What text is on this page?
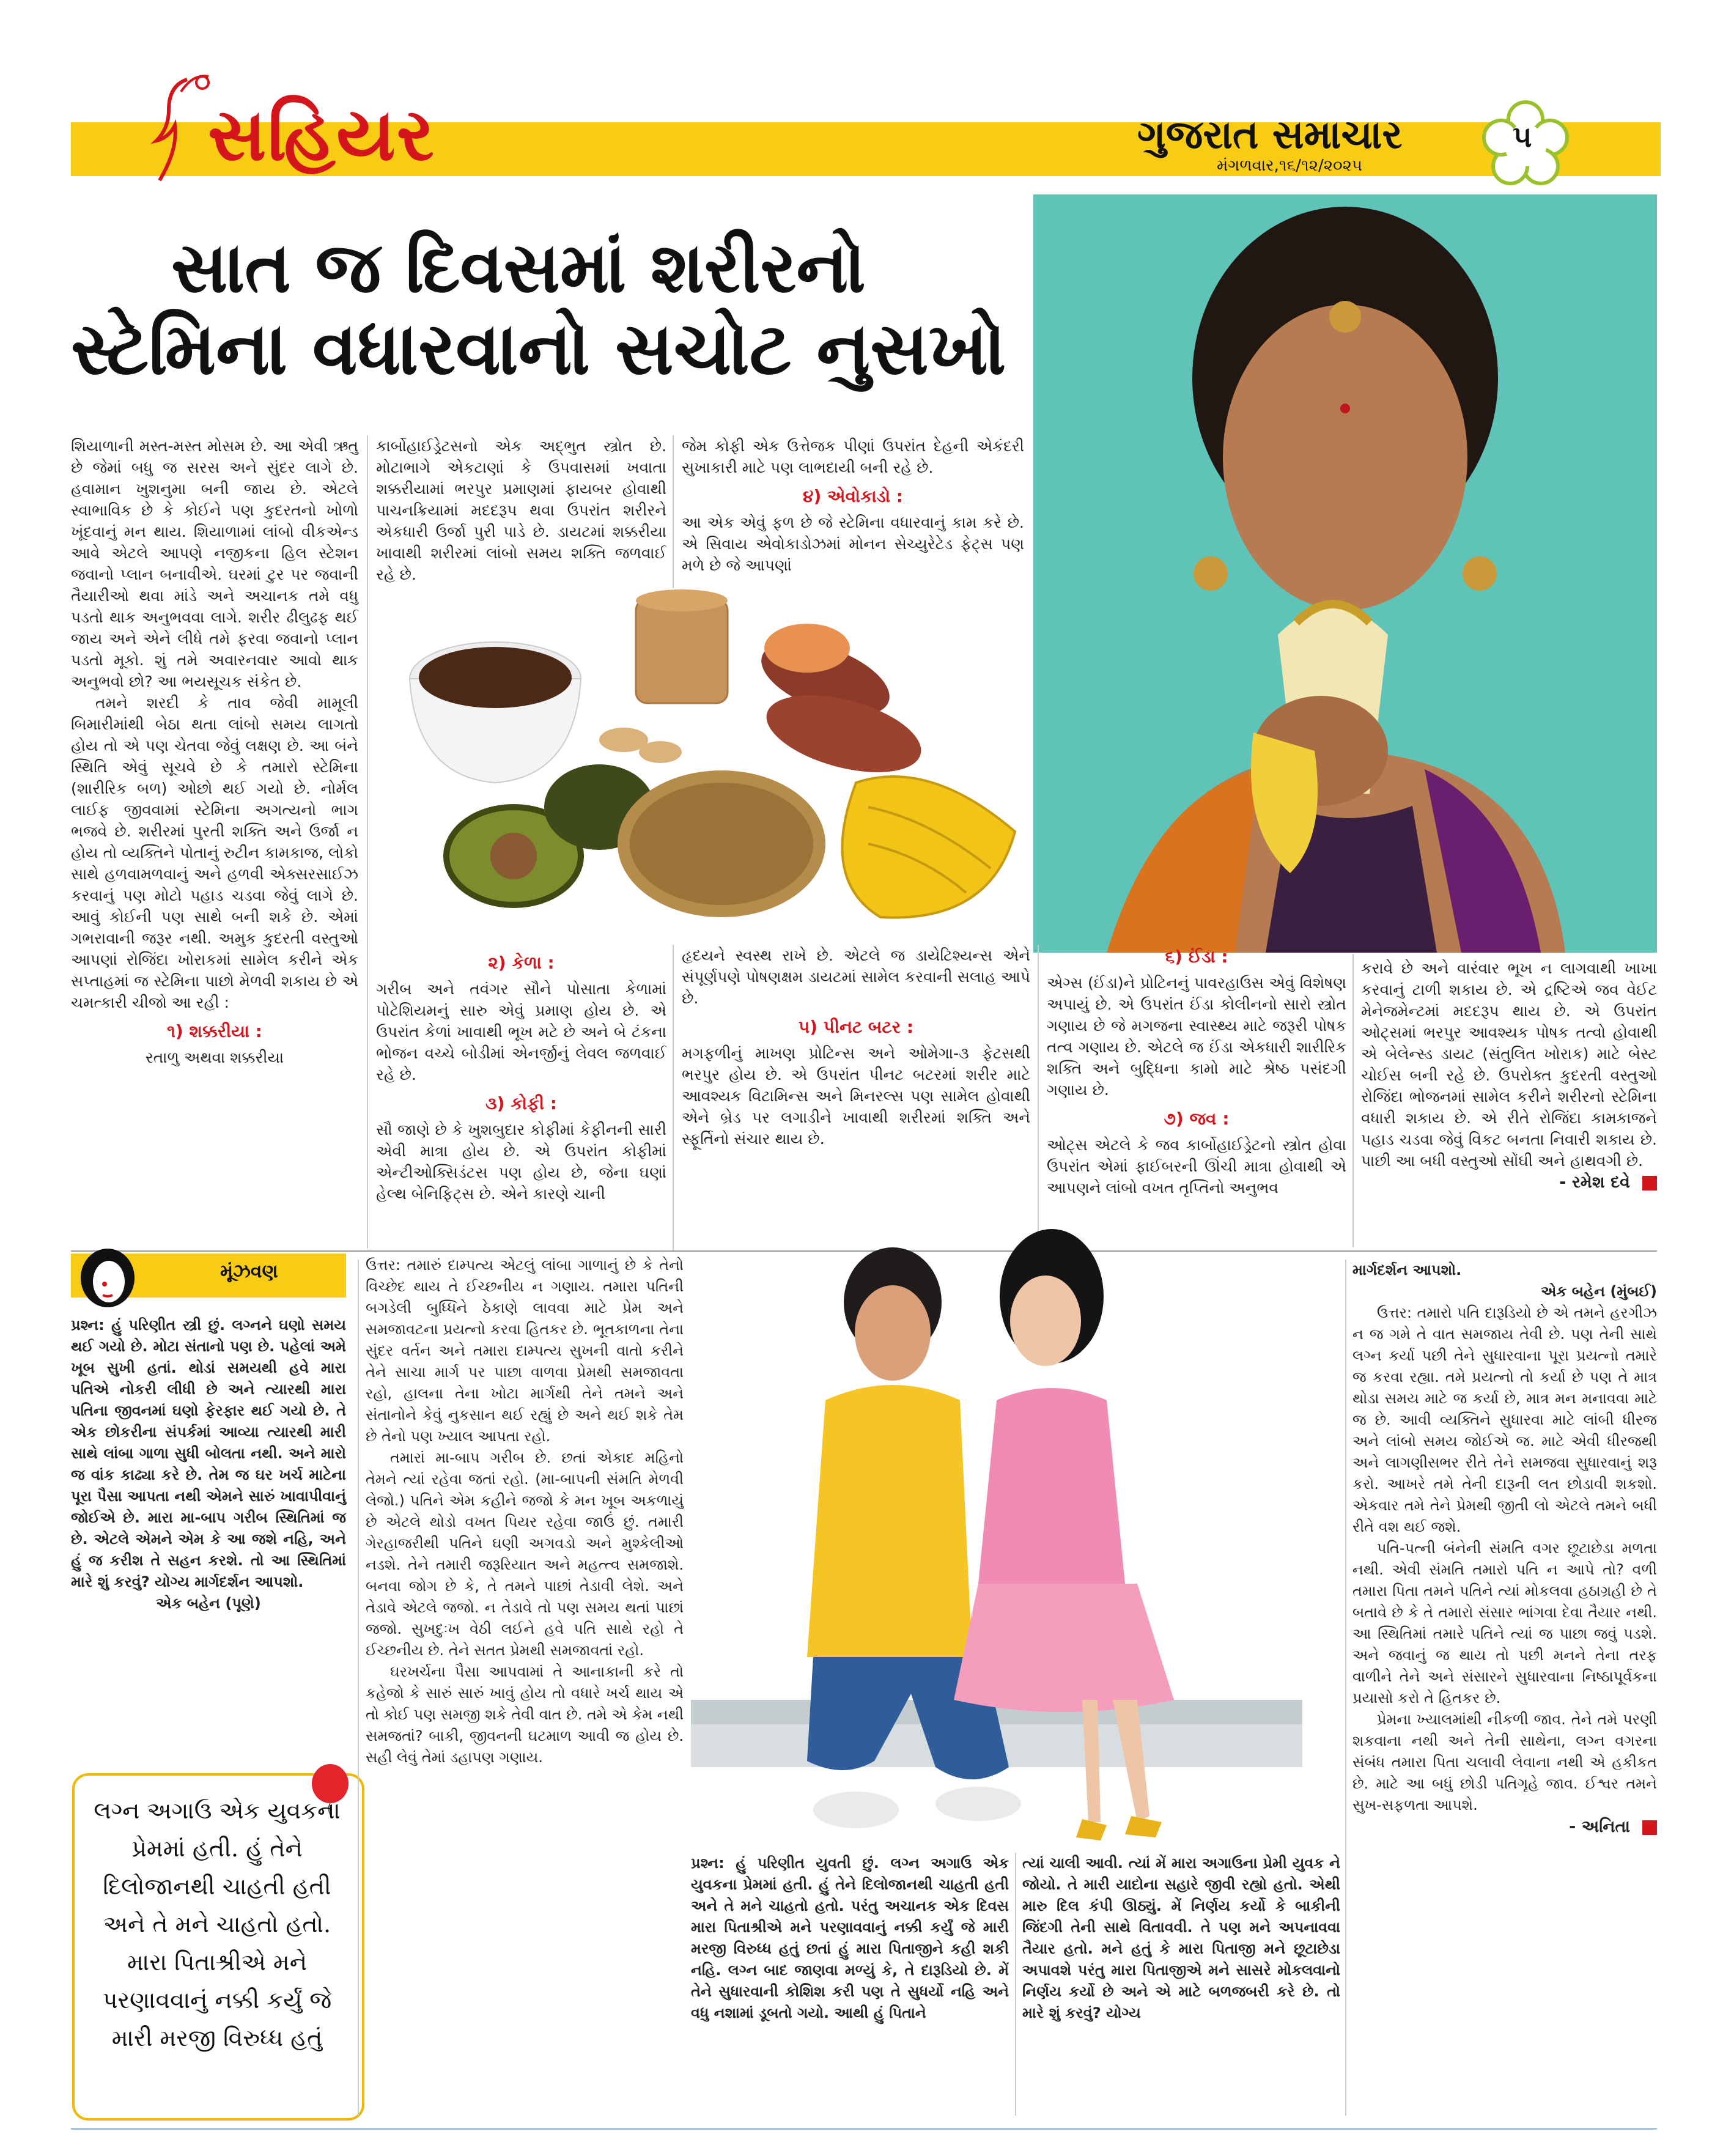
સહિયર	ગુજરાત સમાચાર
મંગળવાર,૧૬/૧૨/૨૦૨૫
૫
સાત જ દિવસમાં શરીરનો
સ્ટેમિના વધારવાનો સચોટ નુસખો

શિયાળાની મસ્ત-મસ્ત મોસમ છે. આ એવી ઋતુ છે જેમાં બધુ જ સરસ અને સુંદર લાગે છે. હવામાન ખુશનુમા બની જાય છે. એટલે સ્વાભાવિક છે કે કોઈને પણ કુદરતનો ખોળો ખૂંદવાનું મન થાય. શિયાળામાં લાંબો વીકએન્ડ આવે એટલે આપણે નજીકના હિલ સ્ટેશન જવાનો પ્લાન બનાવીએ. ઘરમાં ટુર પર જવાની તૈયારીઓ થવા માંડે અને અચાનક તમે વધુ પડતો થાક અનુભવવા લાગે. શરીર ઢીલુઢફ થઈ જાય અને એને લીધે તમે ફરવા જવાનો પ્લાન પડતો મૂકો. શું તમે અવારનવાર આવો થાક અનુભવો છો? આ ભયસૂચક સંકેત છે.

તમને શરદી કે તાવ જેવી મામૂલી બિમારીમાંથી બેઠા થતા લાંબો સમય લાગતો હોય તો એ પણ ચેતવા જેવું લક્ષણ છે. આ બંને સ્થિતિ એવું સૂચવે છે કે તમારો સ્ટેમિના (શારીરિક બળ) ઓછો થઈ ગયો છે. નોર્મલ લાઈફ જીવવામાં સ્ટેમિના અગત્યનો ભાગ ભજવે છે. શરીરમાં પુરતી શક્તિ અને ઉર્જા ન હોય તો વ્યક્તિને પોતાનું રુટીન કામકાજ, લોકો સાથે હળવામળવાનું અને હળવી એક્સરસાઈઝ કરવાનું પણ મોટો પહાડ ચડવા જેવું લાગે છે. આવું કોઈની પણ સાથે બની શકે છે. એમાં ગભરાવાની જરૂર નથી. અમુક કુદરતી વસ્તુઓ આપણાં રોજિંદા ખોરાકમાં સામેલ કરીને એક સપ્તાહમાં જ સ્ટેમિના પાછો મેળવી શકાય છે એ ચમત્કારી ચીજો આ રહી :

૧) શક્કરીયા :

રતાળુ અથવા શક્કરીયા

કાર્બોહાઈડ્રેટસનો એક અદ્ભુત સ્ત્રોત છે. મોટાભાગે એકટાણાં કે ઉપવાસમાં ખવાતા શક્કરીયામાં ભરપુર પ્રમાણમાં ફાયબર હોવાથી પાચનક્રિયામાં મદદરૂપ થવા ઉપરાંત શરીરને એકધારી ઉર્જા પુરી પાડે છે. ડાયટમાં શક્કરીયા ખાવાથી શરીરમાં લાંબો સમય શક્તિ જળવાઈ રહે છે.

૨) કેળા :

ગરીબ અને તવંગર સૌને પોસાતા કેળામાં પોટેશિયમનું સારુ એવું પ્રમાણ હોય છે. એ ઉપરાંત કેળાં ખાવાથી ભૂખ મટે છે અને બે ટંકના ભોજન વચ્ચે બોડીમાં એનર્જીનું લેવલ જળવાઈ રહે છે.

૩) કોફી :

સૌ જાણે છે કે ખુશબુદાર કોફીમાં કેફીનની સારી એવી માત્રા હોય છે. એ ઉપરાંત કોફીમાં એન્ટીઓક્સિડંટસ પણ હોય છે, જેના ઘણાં હેલ્થ બેનિફિટ્સ છે. એને કારણે ચાની

જેમ કોફી એક ઉત્તેજક પીણાં ઉપરાંત દેહની એકંદરી સુખાકારી માટે પણ લાભદાયી બની રહે છે.

૪) એવોકાડો :

આ એક એવું ફળ છે જે સ્ટેમિના વધારવાનું કામ કરે છે. એ સિવાય એવોકાડોઝમાં મોનન સેચ્યુરેટેડ ફેટ્સ પણ મળે છે જે આપણાં

હૃદયને સ્વસ્થ રાખે છે. એટલે જ ડાયેટિશ્યન્સ એને સંપૂર્ણપણે પોષણક્ષમ ડાયટમાં સામેલ કરવાની સલાહ આપે છે.

૫) પીનટ બટર :

મગફળીનું માખણ પ્રોટિન્સ અને ઓમેગા-૩ ફેટસથી ભરપુર હોય છે. એ ઉપરાંત પીનટ બટરમાં શરીર માટે આવશ્યક વિટામિન્સ અને મિનરલ્સ પણ સામેલ હોવાથી એને બ્રેડ પર લગાડીને ખાવાથી શરીરમાં શક્તિ અને સ્ફૂર્તિનો સંચાર થાય છે.

૬) ઈંડા :

એગ્સ (ઈંડા)ને પ્રોટિનનું પાવરહાઉસ એવું વિશેષણ અપાયું છે. એ ઉપરાંત ઈંડા કોલીનનો સારો સ્ત્રોત ગણાય છે જે મગજના સ્વાસ્થ્ય માટે જરૂરી પોષક તત્વ ગણાય છે. એટલે જ ઈંડા એકધારી શારીરિક શક્તિ અને બુદ્ધિના કામો માટે શ્રેષ્ઠ પસંદગી ગણાય છે.

૭) જવ :

ઓટ્સ એટલે કે જવ કાર્બોહાઈડ્રેટનો સ્ત્રોત હોવા ઉપરાંત એમાં ફાઈબરની ઊંચી માત્રા હોવાથી એ આપણને લાંબો વખત તૃપ્તિનો અનુભવ

કરાવે છે અને વારંવાર ભૂખ ન લાગવાથી ખાખા કરવાનું ટાળી શકાય છે. એ દ્રષ્ટિએ જવ વેઈટ મેનેજમેન્ટમાં મદદરૂપ થાય છે. એ ઉપરાંત ઓટ્સમાં ભરપુર આવશ્યક પોષક તત્વો હોવાથી એ બેલેન્સ્ડ ડાયટ (સંતુલિત ખોરાક) માટે બેસ્ટ ચોઈસ બની રહે છે. ઉપરોક્ત કુદરતી વસ્તુઓ રોજિંદા ભોજનમાં સામેલ કરીને શરીરનો સ્ટેમિના વધારી શકાય છે. એ રીતે રોજિંદા કામકાજને પહાડ ચડવા જેવું વિકટ બનતા નિવારી શકાય છે. પાછી આ બધી વસ્તુઓ સોંઘી અને હાથવગી છે.

- રમેશ દવે
મૂંઝવણ

પ્રશ્ન: હું પરિણીત સ્ત્રી છું. લગ્નને ઘણો સમય થઈ ગયો છે. મોટા સંતાનો પણ છે. પહેલાં અમે ખૂબ સુખી હતાં. થોડાં સમયથી હવે મારા પતિએ નોકરી લીધી છે અને ત્યારથી મારા પતિના જીવનમાં ઘણો ફેરફાર થઈ ગયો છે. તે એક છોકરીના સંપર્કમાં આવ્યા ત્યારથી મારી સાથે લાંબા ગાળા સુધી બોલતા નથી. અને મારો જ વાંક કાઢ્યા કરે છે. તેમ જ ઘર ખર્ચ માટેના પૂરા પૈસા આપતા નથી એમને સારું ખાવાપીવાનું જોઈએ છે. મારા મા-બાપ ગરીબ સ્થિતિમાં જ છે. એટલે એમને એમ કે આ જશે નહિ, અને હું જ કરીશ તે સહન કરશે. તો આ સ્થિતિમાં મારે શું કરવું? યોગ્ય માર્ગદર્શન આપશો.

એક બહેન (પૂણે)

લગ્ન અગાઉ એક યુવકના પ્રેમમાં હતી. હું તેને દિલોજાનથી ચાહતી હતી અને તે મને ચાહતો હતો. મારા પિતાશ્રીએ મને પરણાવવાનું નક્કી કર્યું જે મારી મરજી વિરુધ્ધ હતું

ઉત્તર: તમારું દામ્પત્ય એટલું લાંબા ગાળાનું છે કે તેનો વિચ્છેદ થાય તે ઈચ્છનીય ન ગણાય. તમારા પતિની બગડેલી બુધ્ધિને ઠેકાણે લાવવા માટે પ્રેમ અને સમજાવટના પ્રયત્નો કરવા હિતકર છે. ભૂતકાળના તેના સુંદર વર્તન અને તમારા દામ્પત્ય સુખની વાતો કરીને તેને સાચા માર્ગ પર પાછા વાળવા પ્રેમથી સમજાવતા રહો, હાલના તેના ખોટા માર્ગથી તેને તમને અને સંતાનોને કેવું નુકસાન થઈ રહ્યું છે અને થઈ શકે તેમ છે તેનો પણ ખ્યાલ આપતા રહો.

તમારાં મા-બાપ ગરીબ છે. છતાં એકાદ મહિનો તેમને ત્યાં રહેવા જતાં રહો. (મા-બાપની સંમતિ મેળવી લેજો.) પતિને એમ કહીને જજો કે મન ખૂબ અકળાયું છે એટલે થોડો વખત પિયર રહેવા જાઉં છું. તમારી ગેરહાજરીથી પતિને ઘણી અગવડો અને મુશ્કેલીઓ નડશે. તેને તમારી જરૂરિયાત અને મહત્ત્વ સમજાશે. બનવા જોગ છે કે, તે તમને પાછાં તેડાવી લેશે. અને તેડાવે એટલે જજો. ન તેડાવે તો પણ સમય થતાં પાછાં જજો. સુખદુઃખ વેઠી લઈને હવે પતિ સાથે રહો તે ઈચ્છનીય છે. તેને સતત પ્રેમથી સમજાવતાં રહો.

ઘરખર્ચના પૈસા આપવામાં તે આનાકાની કરે તો કહેજો કે સારું સારું ખાવું હોય તો વધારે ખર્ચ થાય એ તો કોઈ પણ સમજી શકે તેવી વાત છે. તમે એ કેમ નથી સમજતાં? બાકી, જીવનની ઘટમાળ આવી જ હોય છે. સહી લેવું તેમાં ડહાપણ ગણાય.

પ્રશ્ન: હું પરિણીત યુવતી છું. લગ્ન અગાઉ એક યુવકના પ્રેમમાં હતી. હું તેને દિલોજાનથી ચાહતી હતી અને તે મને ચાહતો હતો. પરંતુ અચાનક એક દિવસ મારા પિતાશ્રીએ મને પરણાવવાનું નક્કી કર્યું જે મારી મરજી વિરુધ્ધ હતું છતાં હું મારા પિતાજીને કહી શકી નહિ. લગ્ન બાદ જાણવા મળ્યું કે, તે દારૂડિયો છે. મેં તેને સુધારવાની કોશિશ કરી પણ તે સુધર્યો નહિ અને વધુ નશામાં ડૂબતો ગયો. આથી હું પિતાને

ત્યાં ચાલી આવી. ત્યાં મેં મારા અગાઉના પ્રેમી યુવક ને જોયો. તે મારી યાદોના સહારે જીવી રહ્યો હતો. એથી મારુ દિલ કંપી ઊઠ્યું. મેં નિર્ણય કર્યો કે બાકીની જિંદગી તેની સાથે વિતાવવી. તે પણ મને અપનાવવા તૈયાર હતો. મને હતું કે મારા પિતાજી મને છૂટાછેડા અપાવશે પરંતુ મારા પિતાજીએ મને સાસરે મોકલવાનો નિર્ણય કર્યો છે અને એ માટે બળજબરી કરે છે. તો મારે શું કરવું? યોગ્ય

માર્ગદર્શન આપશો.

એક બહેન (મુંબઈ)

ઉત્તર: તમારો પતિ દારૂડિયો છે એ તમને હરગીઝ ન જ ગમે તે વાત સમજાય તેવી છે. પણ તેની સાથે લગ્ન કર્યા પછી તેને સુધારવાના પૂરા પ્રયત્નો તમારે જ કરવા રહ્યા. તમે પ્રયત્નો તો કર્યા છે પણ તે માત્ર થોડા સમય માટે જ કર્યા છે, માત્ર મન મનાવવા માટે જ છે. આવી વ્યક્તિને સુધારવા માટે લાંબી ધીરજ અને લાંબો સમય જોઈએ જ. માટે એવી ધીરજથી અને લાગણીસભર રીતે તેને સમજવા સુધારવાનું શરૂ કરો. આખરે તમે તેની દારૂની લત છોડાવી શકશો. એકવાર તમે તેને પ્રેમથી જીતી લો એટલે તમને બધી રીતે વશ થઈ જશે.

પતિ-પત્ની બંનેની સંમતિ વગર છૂટાછેડા મળતા નથી. એવી સંમતિ તમારો પતિ ન આપે તો? વળી તમારા પિતા તમને પતિને ત્યાં મોકલવા હઠાગ્રહી છે તે બતાવે છે કે તે તમારો સંસાર ભાંગવા દેવા તૈયાર નથી. આ સ્થિતિમાં તમારે પતિને ત્યાં જ પાછા જવું પડશે. અને જવાનું જ થાય તો પછી મનને તેના તરફ વાળીને તેને અને સંસારને સુધારવાના નિષ્ઠાપૂર્વકના પ્રયાસો કરો તે હિતકર છે.

પ્રેમના ખ્યાલમાંથી નીકળી જાવ. તેને તમે પરણી શકવાના નથી અને તેની સાથેના, લગ્ન વગરના સંબંધ તમારા પિતા ચલાવી લેવાના નથી એ હકીકત છે. માટે આ બધું છોડી પતિગૃહે જાવ. ઈશ્વર તમને સુખ-સફળતા આપશે.

- અનિતા
